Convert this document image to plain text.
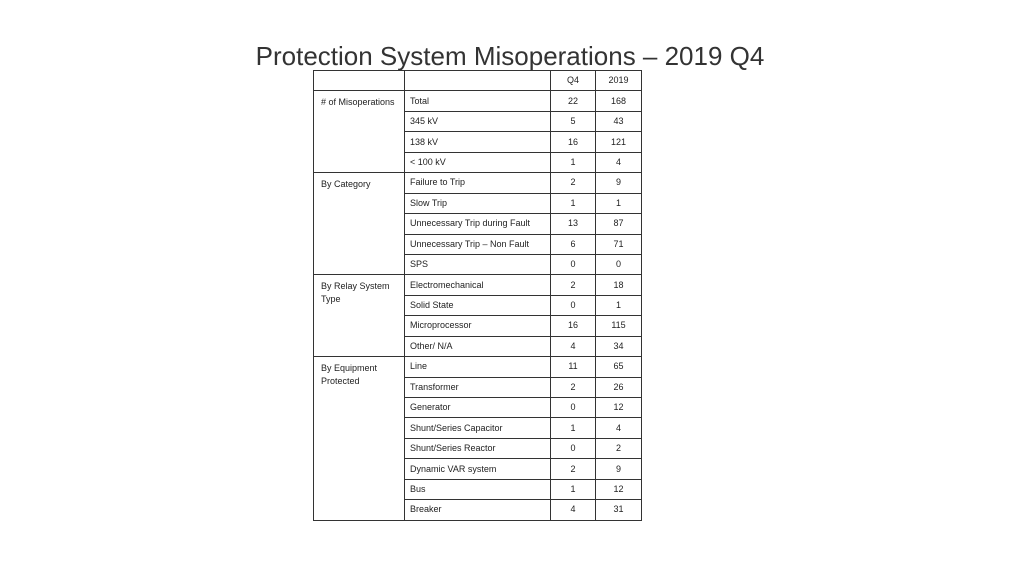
Protection System Misoperations – 2019 Q4
		Q4	2019
# of Misoperations	Total	22	168
	345 kV	5	43
	138 kV	16	121
	< 100 kV	1	4
By Category	Failure to Trip	2	9
	Slow Trip	1	1
	Unnecessary Trip during Fault	13	87
	Unnecessary Trip – Non Fault	6	71
	SPS	0	0
By Relay System Type	Electromechanical	2	18
	Solid State	0	1
	Microprocessor	16	115
	Other/ N/A	4	34
By Equipment Protected	Line	11	65
	Transformer	2	26
	Generator	0	12
	Shunt/Series Capacitor	1	4
	Shunt/Series Reactor	0	2
	Dynamic VAR system	2	9
	Bus	1	12
	Breaker	4	31
